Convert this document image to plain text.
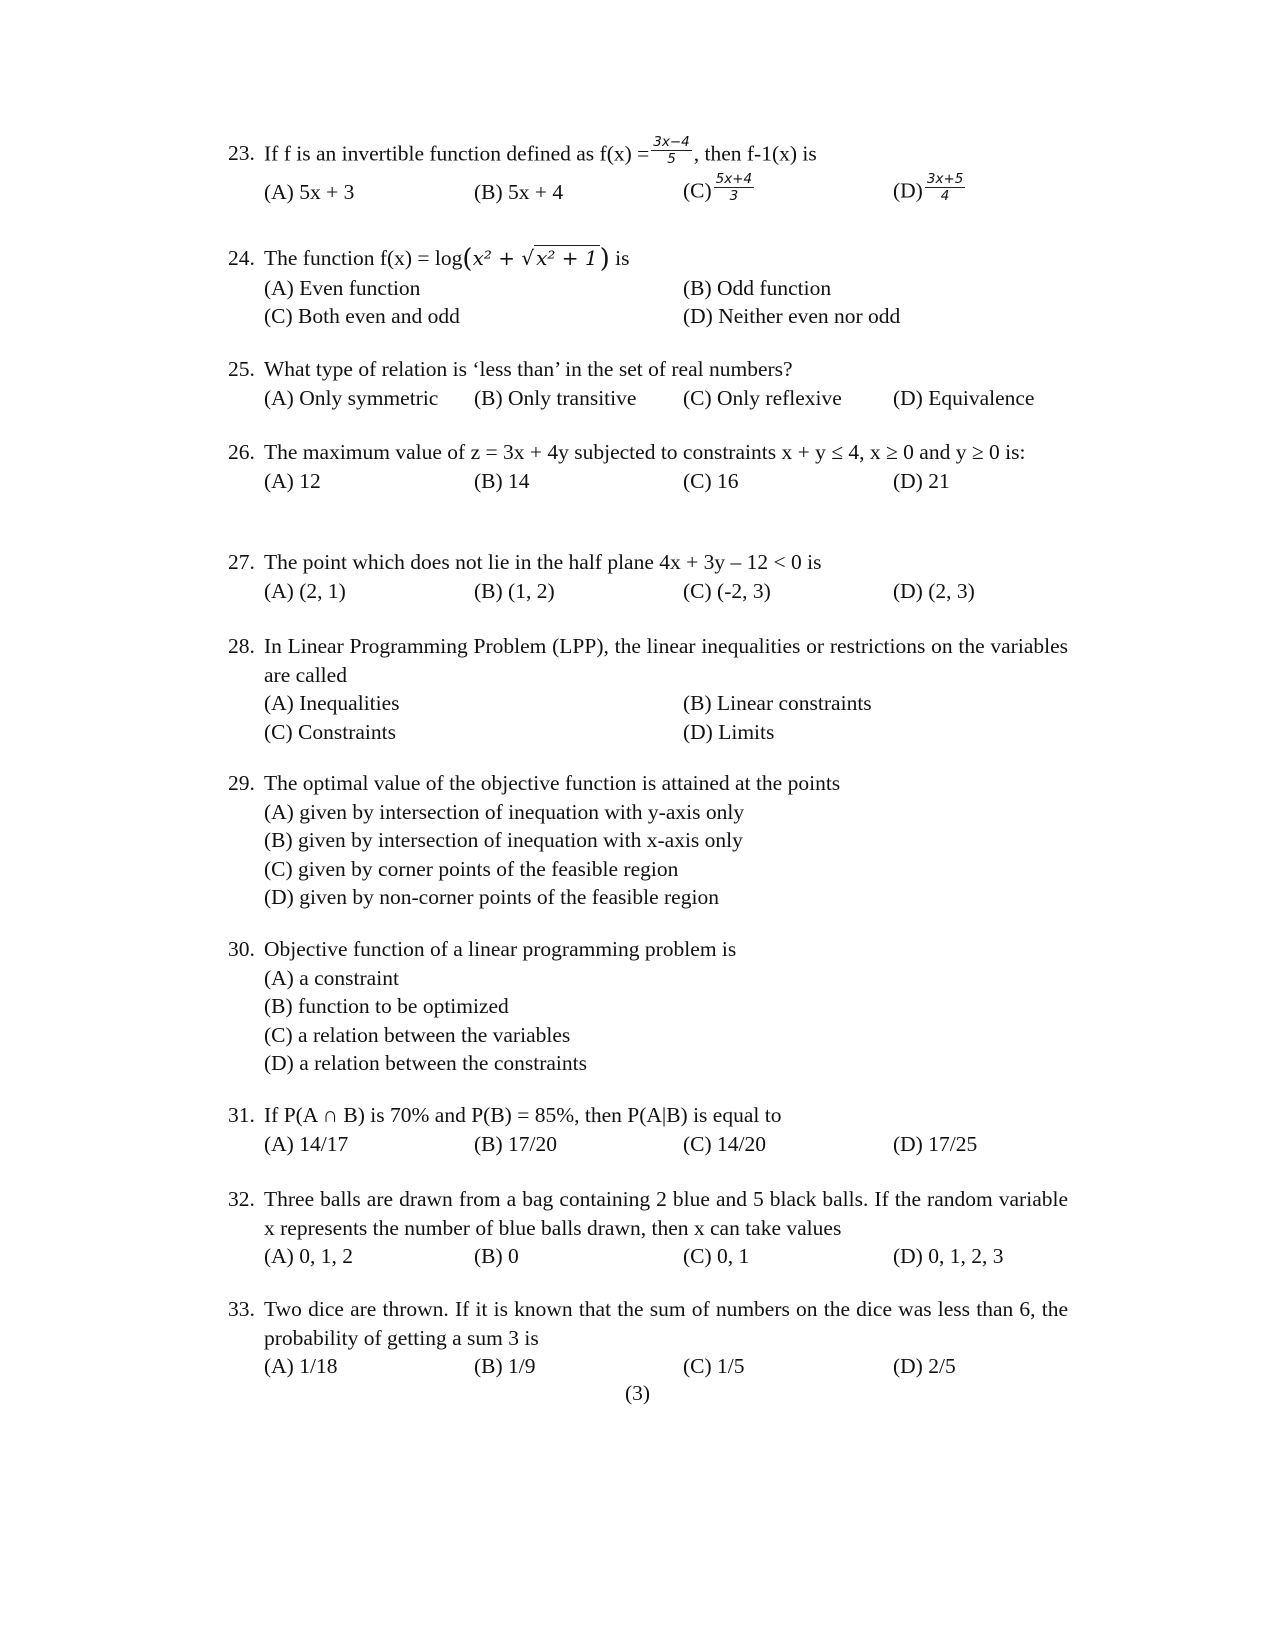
23. If f is an invertible function defined as $f(x) = \frac{3x-4}{5}$ , then f-1(x) is
(A) 5x + 3	(B) 5x + 4	$(C) \frac{5x+4}{3}$	$(D) \frac{3x+5}{4}$
24. The function f(x) = log(x² + √ x² + 1) is
(A) Even function	(B) Odd function
(C) Both even and odd	(D) Neither even nor odd
25. What type of relation is ‘less than’ in the set of real numbers?
(A) Only symmetric (B) Only transitive (C) Only reflexive (D) Equivalence
26. The maximum value of z = 3x + 4y subjected to constraints x + y ≤ 4, x ≥ 0 and y ≥ 0 is:
(A) 12	(B) 14	(C) 16	(D) 21
27. The point which does not lie in the half plane 4x + 3y – 12 < 0 is
(A) (2, 1)	(B) (1, 2)	(C) (-2, 3)	(D) (2, 3)
28. In Linear Programming Problem (LPP), the linear inequalities or restrictions on the variables are called
(A) Inequalities	(B) Linear constraints
(C) Constraints	(D) Limits
29. The optimal value of the objective function is attained at the points
(A) given by intersection of inequation with y-axis only
(B) given by intersection of inequation with x-axis only
(C) given by corner points of the feasible region
(D) given by non-corner points of the feasible region
30. Objective function of a linear programming problem is
(A) a constraint
(B) function to be optimized
(C) a relation between the variables
(D) a relation between the constraints
31. If P(A ∩ B) is 70% and P(B) = 85%, then P(A|B) is equal to
(A) 14/17	(B) 17/20	(C) 14/20	(D) 17/25
32. Three balls are drawn from a bag containing 2 blue and 5 black balls. If the random variable x represents the number of blue balls drawn, then x can take values
(A) 0, 1, 2	(B) 0	(C) 0, 1	(D) 0, 1, 2, 3
33. Two dice are thrown. If it is known that the sum of numbers on the dice was less than 6, the probability of getting a sum 3 is
(A) 1/18	(B) 1/9	(C) 1/5	(D) 2/5
(3)
